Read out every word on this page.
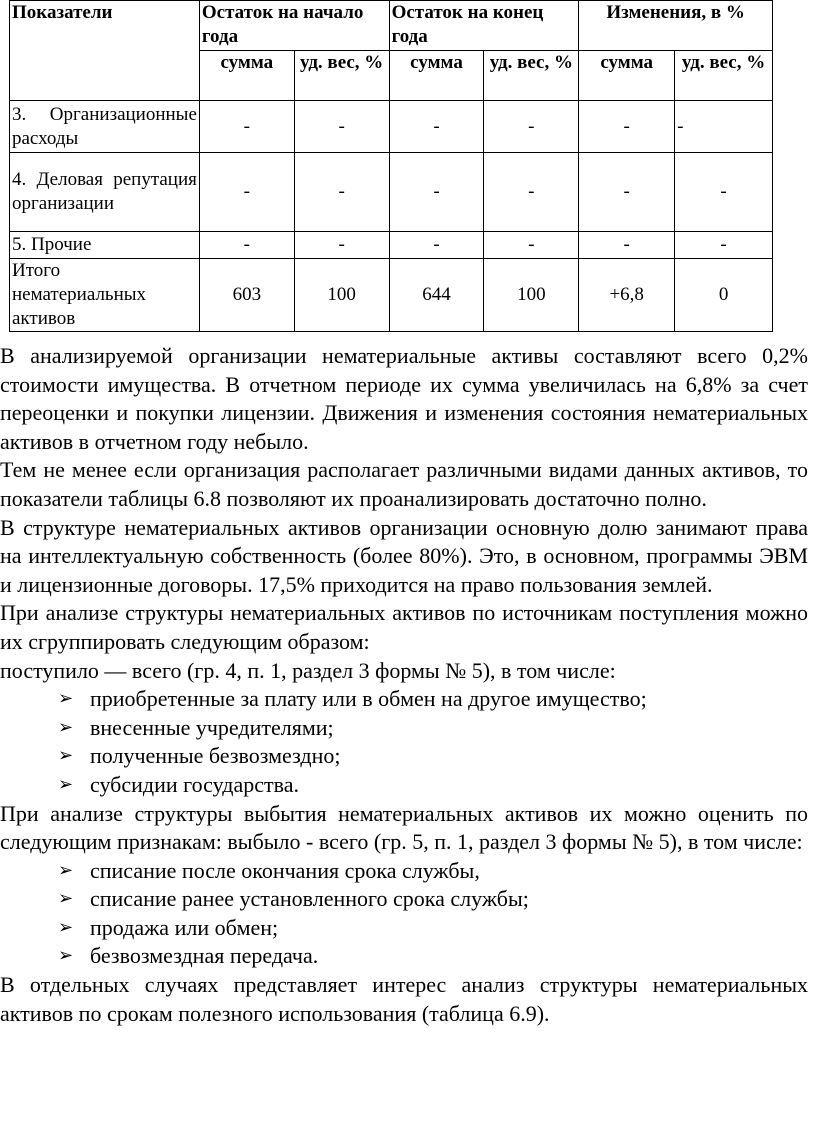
Показатели	Остаток на начало года		Остаток на конец года		Изменения, в %	
	сумма	уд. вес, %	сумма	уд. вес, %	сумма	уд. вес, %
3. Организационные расходы	-	-	-	-	-	-
4. Деловая репутация организации	-	-	-	-	-	-
5. Прочие	-	-	-	-	-	-
Итого нематериальных активов	603	100	644	100	+6,8	0

В анализируемой организации нематериальные активы составляют всего 0,2% стоимости имущества. В отчетном периоде их сумма увеличилась на 6,8% за счет переоценки и покупки лицензии. Движения и изменения состояния нематериальных активов в отчетном году небыло.

Тем не менее если организация располагает различными видами данных активов, то показатели таблицы 6.8 позволяют их проанализировать достаточно полно.

В структуре нематериальных активов организации основную долю занимают права на интеллектуальную собственность (более 80%). Это, в основном, программы ЭВМ и лицензионные договоры. 17,5% приходится на право пользования землей.

При анализе структуры нематериальных активов по источникам поступления можно их сгруппировать следующим образом:

поступило — всего (гр. 4, п. 1, раздел 3 формы № 5), в том числе:

➢ приобретенные за плату или в обмен на другое имущество;
➢ внесенные учредителями;
➢ полученные безвозмездно;
➢ субсидии государства.

При анализе структуры выбытия нематериальных активов их можно оценить по следующим признакам: выбыло - всего (гр. 5, п. 1, раздел 3 формы № 5), в том числе:

➢ списание после окончания срока службы,
➢ списание ранее установленного срока службы;
➢ продажа или обмен;
➢ безвозмездная передача.

В отдельных случаях представляет интерес анализ структуры нематериальных активов по срокам полезного использования (таблица 6.9).
